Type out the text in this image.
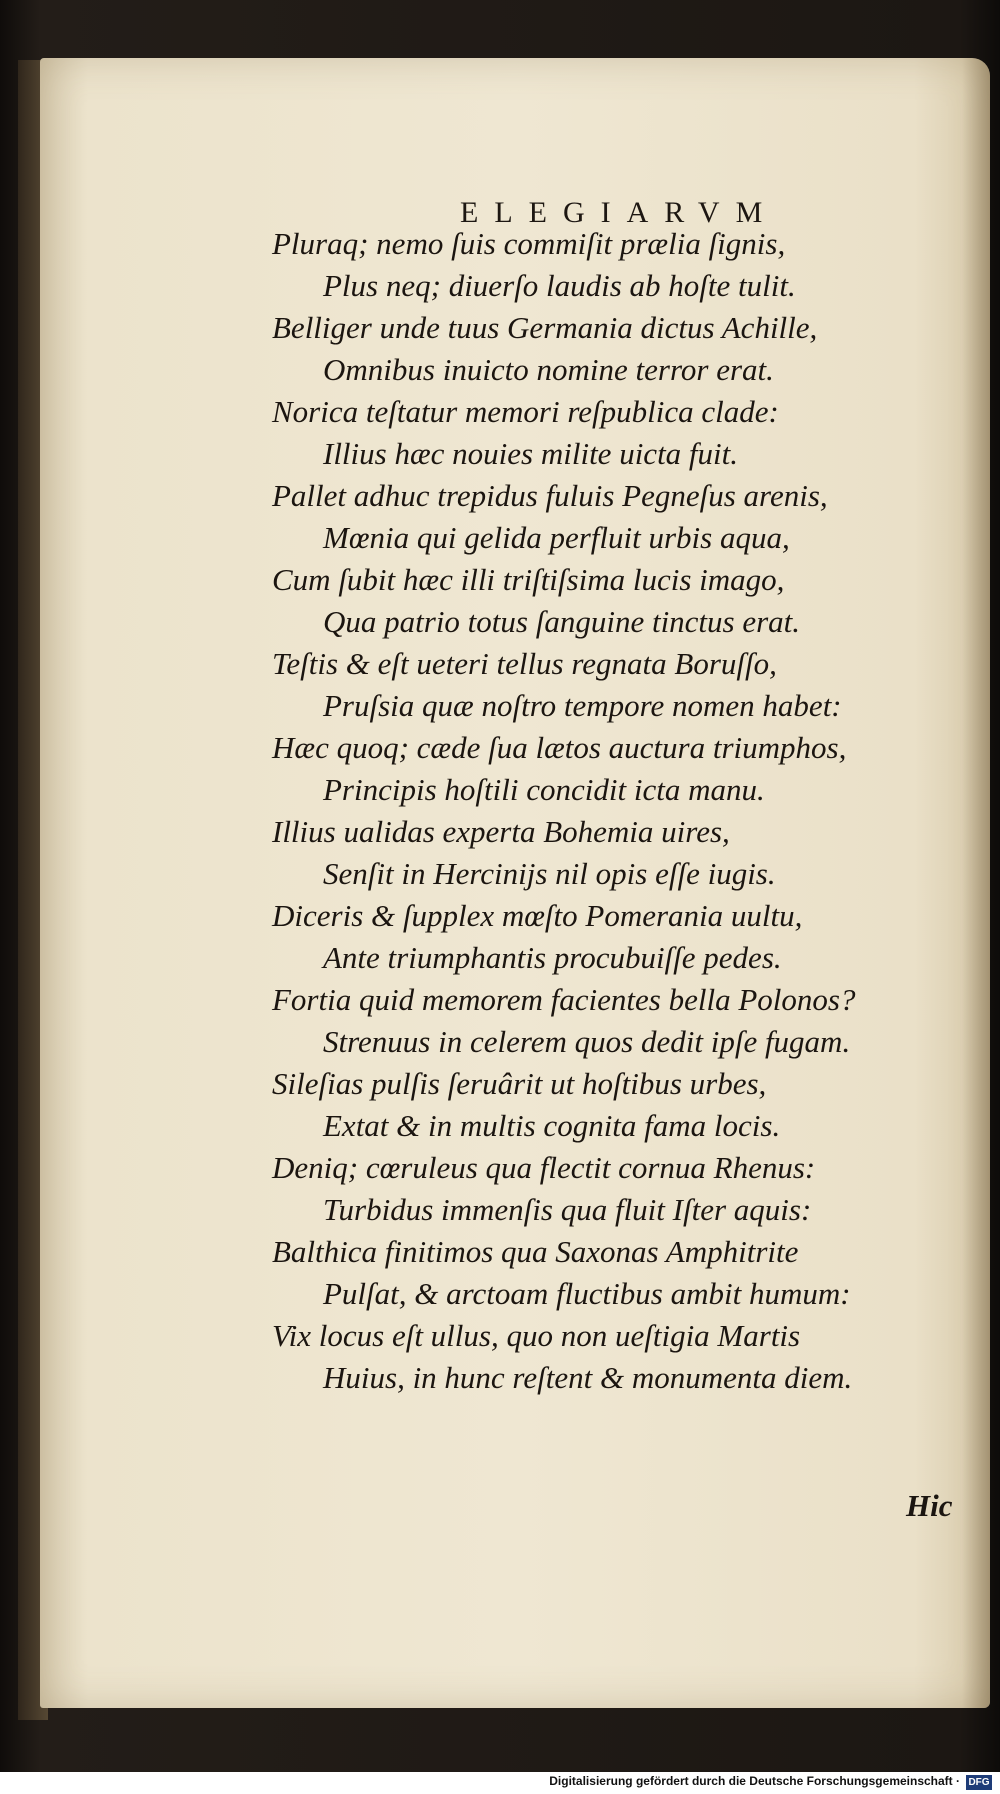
ELEGIARVM
Pluraq; nemo ſuis commiſit prælia ſignis,
Plus neq; diuerſo laudis ab hoſte tulit.
Belliger unde tuus Germania dictus Achille,
Omnibus inuicto nomine terror erat.
Norica teſtatur memori reſpublica clade:
Illius hæc nouies milite uicta fuit.
Pallet adhuc trepidus fuluis Pegneſus arenis,
Mœnia qui gelida perfluit urbis aqua,
Cum ſubit hæc illi triſtiſsima lucis imago,
Qua patrio totus ſanguine tinctus erat.
Teſtis & eſt ueteri tellus regnata Boruſſo,
Pruſsia quæ noſtro tempore nomen habet:
Hæc quoq; cæde ſua lætos auctura triumphos,
Principis hoſtili concidit icta manu.
Illius ualidas experta Bohemia uires,
Senſit in Hercinijs nil opis eſſe iugis.
Diceris & ſupplex mœſto Pomerania uultu,
Ante triumphantis procubuiſſe pedes.
Fortia quid memorem facientes bella Polonos?
Strenuus in celerem quos dedit ipſe fugam.
Sileſias pulſis ſeruârit ut hoſtibus urbes,
Extat & in multis cognita fama locis.
Deniq; cœruleus qua flectit cornua Rhenus:
Turbidus immenſis qua fluit Iſter aquis:
Balthica finitimos qua Saxonas Amphitrite
Pulſat, & arctoam fluctibus ambit humum:
Vix locus eſt ullus, quo non ueſtigia Martis
Huius, in hunc reſtent & monumenta diem.
Hic
Digitalisierung gefördert durch die Deutsche Forschungsgemeinschaft · DFG
